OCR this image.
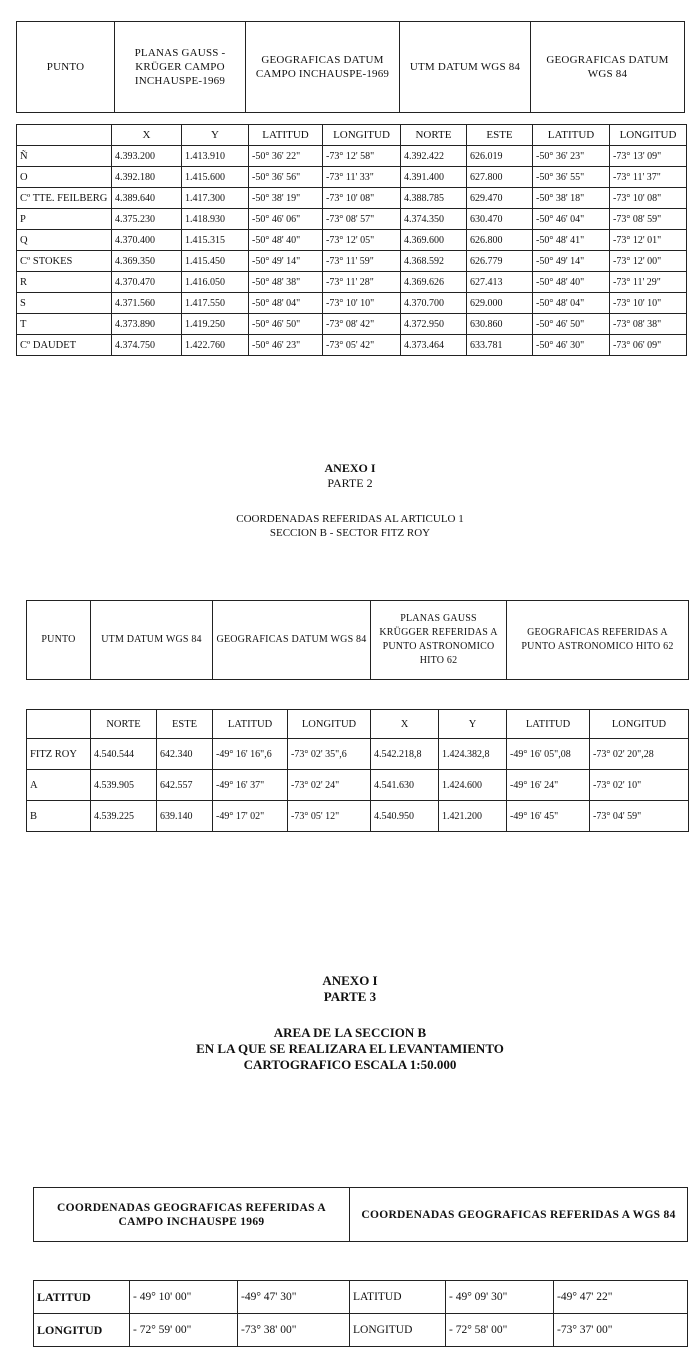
PUNTO	PLANAS GAUSS - KRÜGER CAMPO INCHAUSPE-1969	GEOGRAFICAS DATUM CAMPO INCHAUSPE-1969	UTM DATUM WGS 84	GEOGRAFICAS DATUM WGS 84
	X	Y	LATITUD	LONGITUD	NORTE	ESTE	LATITUD	LONGITUD
Ñ	4.393.200	1.413.910	-50° 36' 22"	-73° 12' 58"	4.392.422	626.019	-50° 36' 23"	-73° 13' 09"
O	4.392.180	1.415.600	-50° 36' 56"	-73° 11' 33"	4.391.400	627.800	-50° 36' 55"	-73° 11' 37"
Cº TTE. FEILBERG	4.389.640	1.417.300	-50° 38' 19"	-73° 10' 08"	4.388.785	629.470	-50° 38' 18"	-73° 10' 08"
P	4.375.230	1.418.930	-50° 46' 06"	-73° 08' 57"	4.374.350	630.470	-50° 46' 04"	-73° 08' 59"
Q	4.370.400	1.415.315	-50° 48' 40"	-73° 12' 05"	4.369.600	626.800	-50° 48' 41"	-73° 12' 01"
Cº STOKES	4.369.350	1.415.450	-50° 49' 14"	-73° 11' 59"	4.368.592	626.779	-50° 49' 14"	-73° 12' 00"
R	4.370.470	1.416.050	-50° 48' 38"	-73° 11' 28"	4.369.626	627.413	-50° 48' 40"	-73° 11' 29"
S	4.371.560	1.417.550	-50° 48' 04"	-73° 10' 10"	4.370.700	629.000	-50° 48' 04"	-73° 10' 10"
T	4.373.890	1.419.250	-50° 46' 50"	-73° 08' 42"	4.372.950	630.860	-50° 46' 50"	-73° 08' 38"
Cº DAUDET	4.374.750	1.422.760	-50° 46' 23"	-73° 05' 42"	4.373.464	633.781	-50° 46' 30"	-73° 06' 09"
ANEXO I
PARTE 2
COORDENADAS REFERIDAS AL ARTICULO 1
SECCION B - SECTOR FITZ ROY
PUNTO	UTM DATUM WGS 84	GEOGRAFICAS DATUM WGS 84	PLANAS GAUSS KRÜGGER REFERIDAS A PUNTO ASTRONOMICO HITO 62	GEOGRAFICAS REFERIDAS A PUNTO ASTRONOMICO HITO 62
	NORTE	ESTE	LATITUD	LONGITUD	X	Y	LATITUD	LONGITUD
FITZ ROY	4.540.544	642.340	-49° 16' 16",6	-73° 02' 35",6	4.542.218,8	1.424.382,8	-49° 16' 05",08	-73° 02' 20",28
A	4.539.905	642.557	-49° 16' 37"	-73° 02' 24"	4.541.630	1.424.600	-49° 16' 24"	-73° 02' 10"
B	4.539.225	639.140	-49° 17' 02"	-73° 05' 12"	4.540.950	1.421.200	-49° 16' 45"	-73° 04' 59"
ANEXO I
PARTE 3
AREA DE LA SECCION B
EN LA QUE SE REALIZARA EL LEVANTAMIENTO
CARTOGRAFICO ESCALA 1:50.000
COORDENADAS GEOGRAFICAS REFERIDAS A CAMPO INCHAUSPE 1969	COORDENADAS GEOGRAFICAS REFERIDAS A WGS 84
LATITUD	- 49° 10' 00"	-49° 47' 30"	LATITUD	- 49° 09' 30"	-49° 47' 22"
LONGITUD	- 72° 59' 00"	-73° 38' 00"	LONGITUD	- 72° 58' 00"	-73° 37' 00"
